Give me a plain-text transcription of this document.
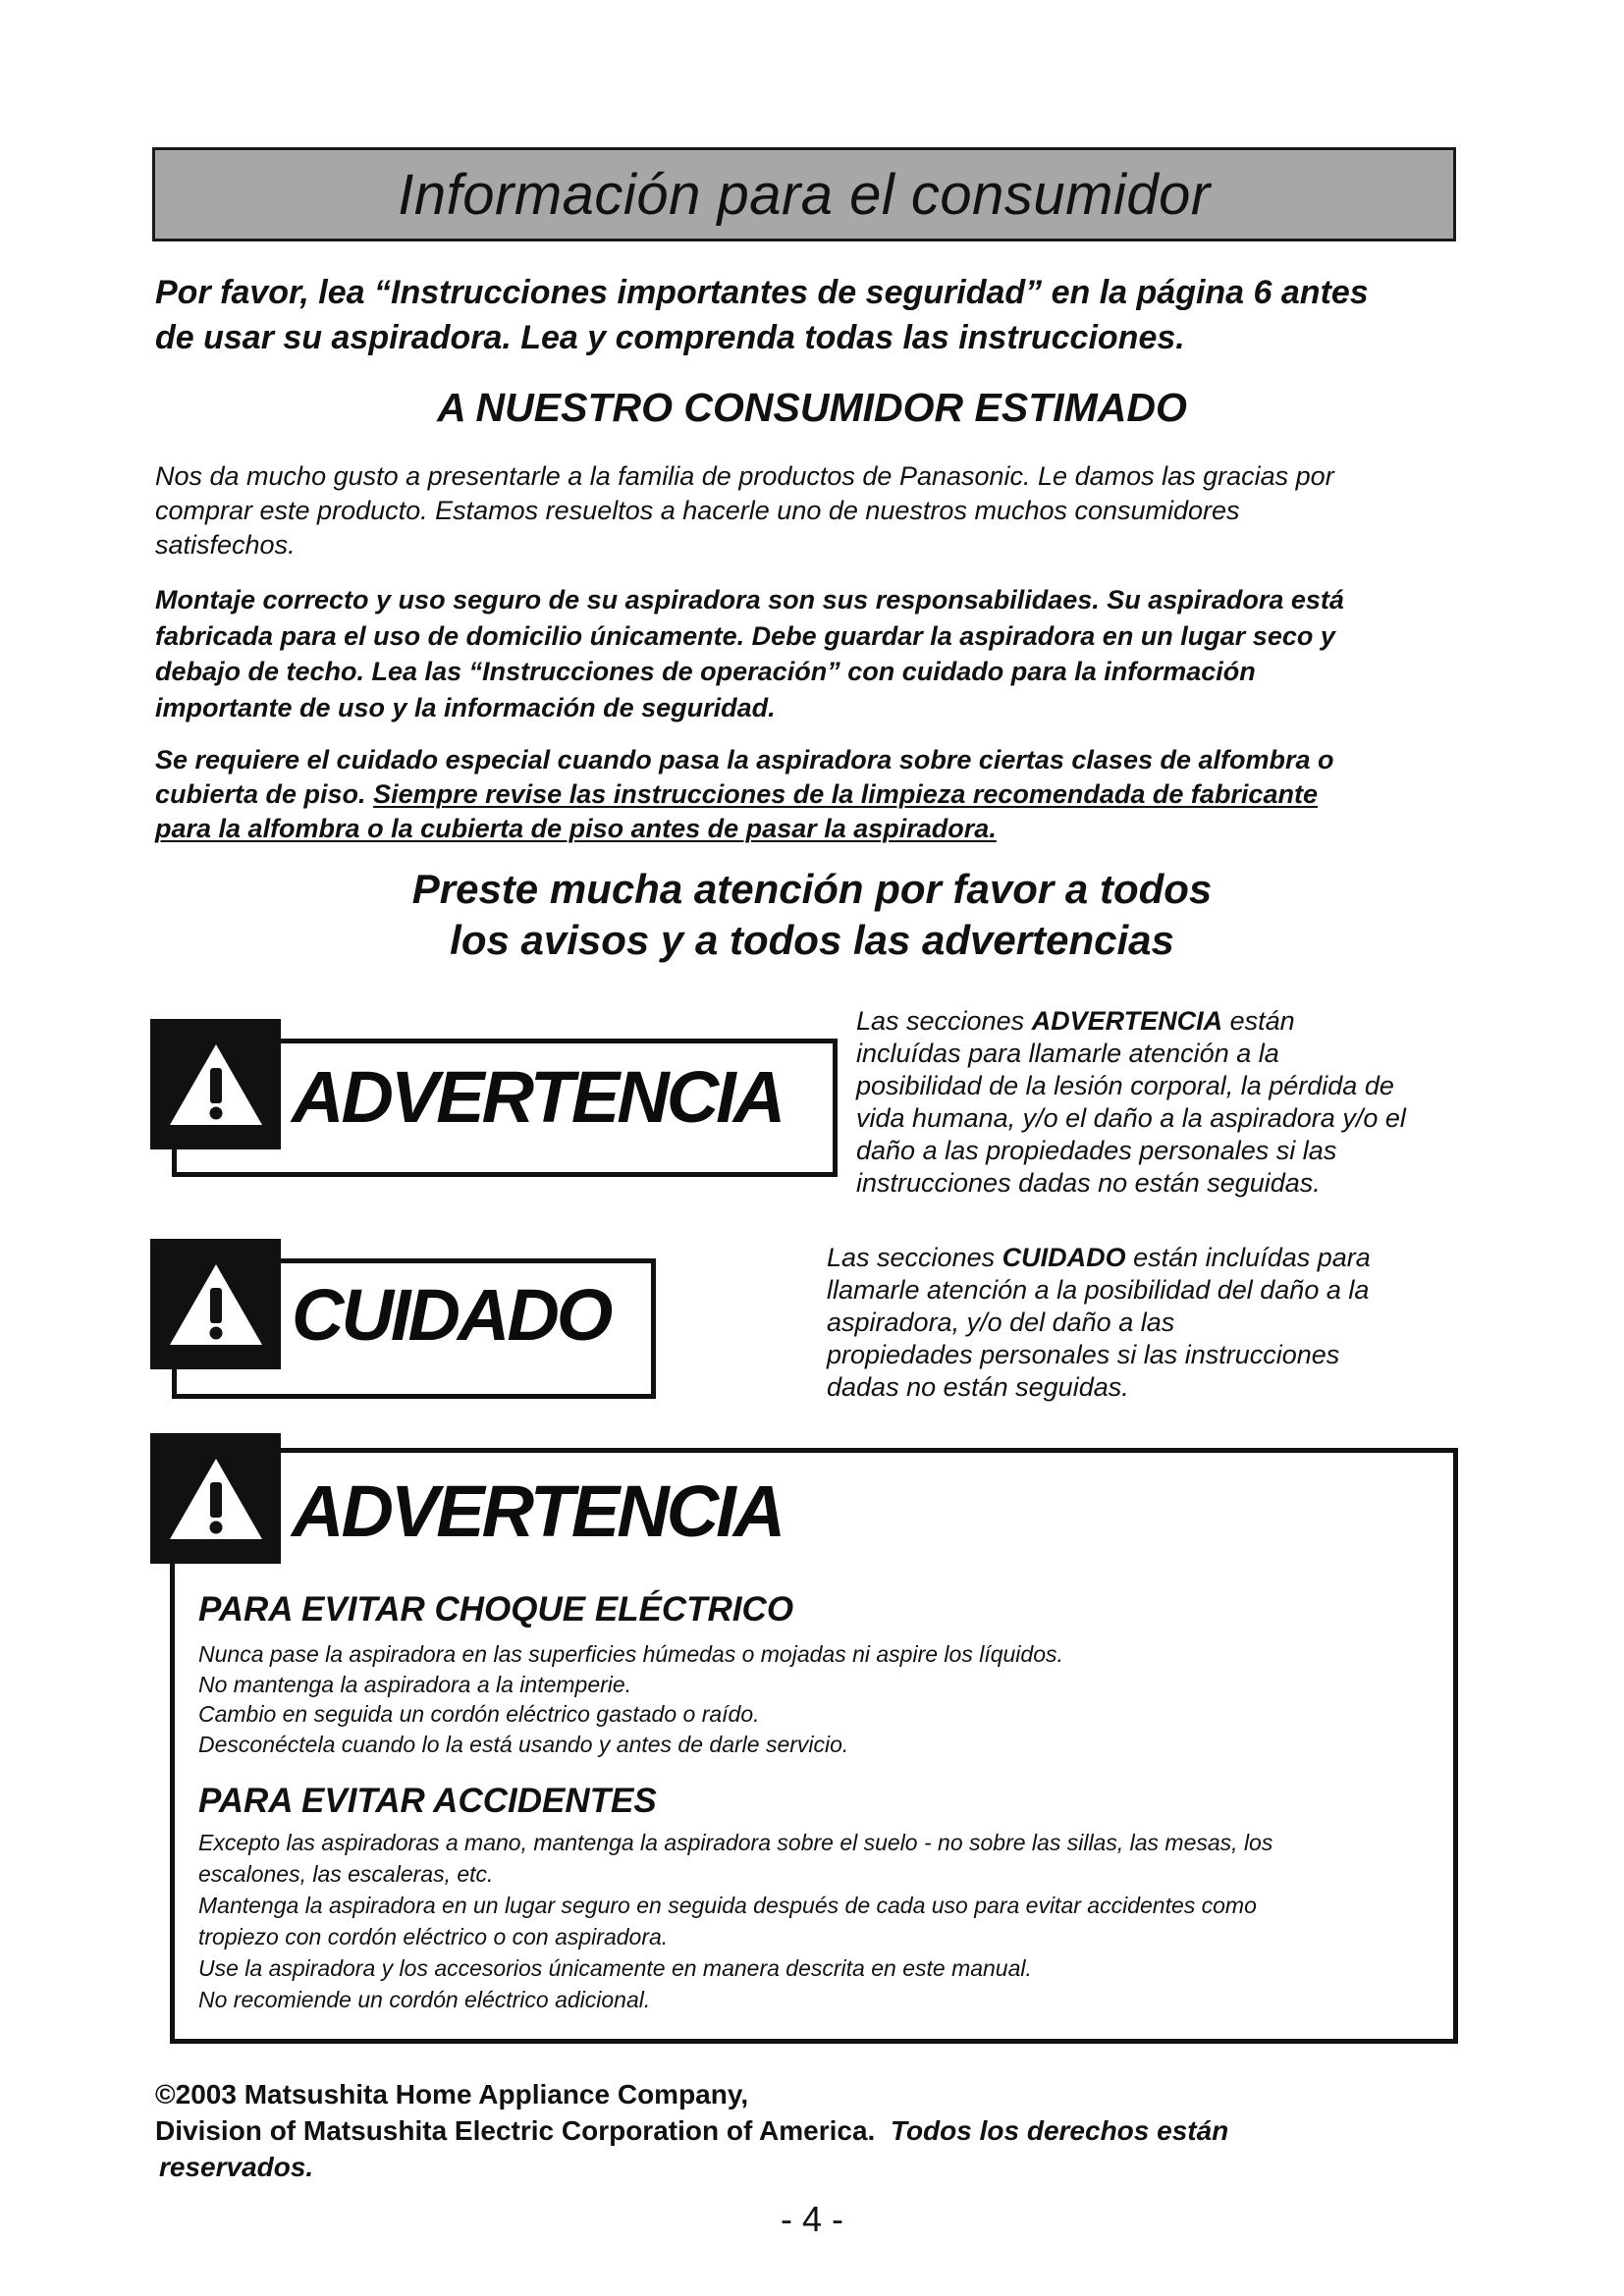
Información para el consumidor
Por favor, lea “Instrucciones importantes de seguridad” en la página 6 antes
de usar su aspiradora. Lea y comprenda todas las instrucciones.
A NUESTRO CONSUMIDOR ESTIMADO
Nos da mucho gusto a presentarle a la familia de productos de Panasonic. Le damos las gracias por
comprar este producto. Estamos resueltos a hacerle uno de nuestros muchos consumidores
satisfechos.
Montaje correcto y uso seguro de su aspiradora son sus responsabilidaes. Su aspiradora está
fabricada para el uso de domicilio únicamente. Debe guardar la aspiradora en un lugar seco y
debajo de techo. Lea las “Instrucciones de operación” con cuidado para la información
importante de uso y la información de seguridad.
Se requiere el cuidado especial cuando pasa la aspiradora sobre ciertas clases de alfombra o
cubierta de piso. Siempre revise las instrucciones de la limpieza recomendada de fabricante
para la alfombra o la cubierta de piso antes de pasar la aspiradora.
Preste mucha atención por favor a todos
los avisos y a todos las advertencias
ADVERTENCIA
Las secciones ADVERTENCIA están
incluídas para llamarle atención a la
posibilidad de la lesión corporal, la pérdida de
vida humana, y/o el daño a la aspiradora y/o el
daño a las propiedades personales si las
instrucciones dadas no están seguidas.
CUIDADO
Las secciones CUIDADO están incluídas para
llamarle atención a la posibilidad del daño a la
aspiradora, y/o del daño a las
propiedades personales si las instrucciones
dadas no están seguidas.
ADVERTENCIA
PARA EVITAR CHOQUE ELÉCTRICO
Nunca pase la aspiradora en las superficies húmedas o mojadas ni aspire los líquidos.
No mantenga la aspiradora a la intemperie.
Cambio en seguida un cordón eléctrico gastado o raído.
Desconéctela cuando lo la está usando y antes de darle servicio.
PARA EVITAR ACCIDENTES
Excepto las aspiradoras a mano, mantenga la aspiradora sobre el suelo - no sobre las sillas, las mesas, los
escalones, las escaleras, etc.
Mantenga la aspiradora en un lugar seguro en seguida después de cada uso para evitar accidentes como
tropiezo con cordón eléctrico o con aspiradora.
Use la aspiradora y los accesorios únicamente en manera descrita en este manual.
No recomiende un cordón eléctrico adicional.
©2003 Matsushita Home Appliance Company,
Division of Matsushita Electric Corporation of America. Todos los derechos están
reservados.
- 4 -
